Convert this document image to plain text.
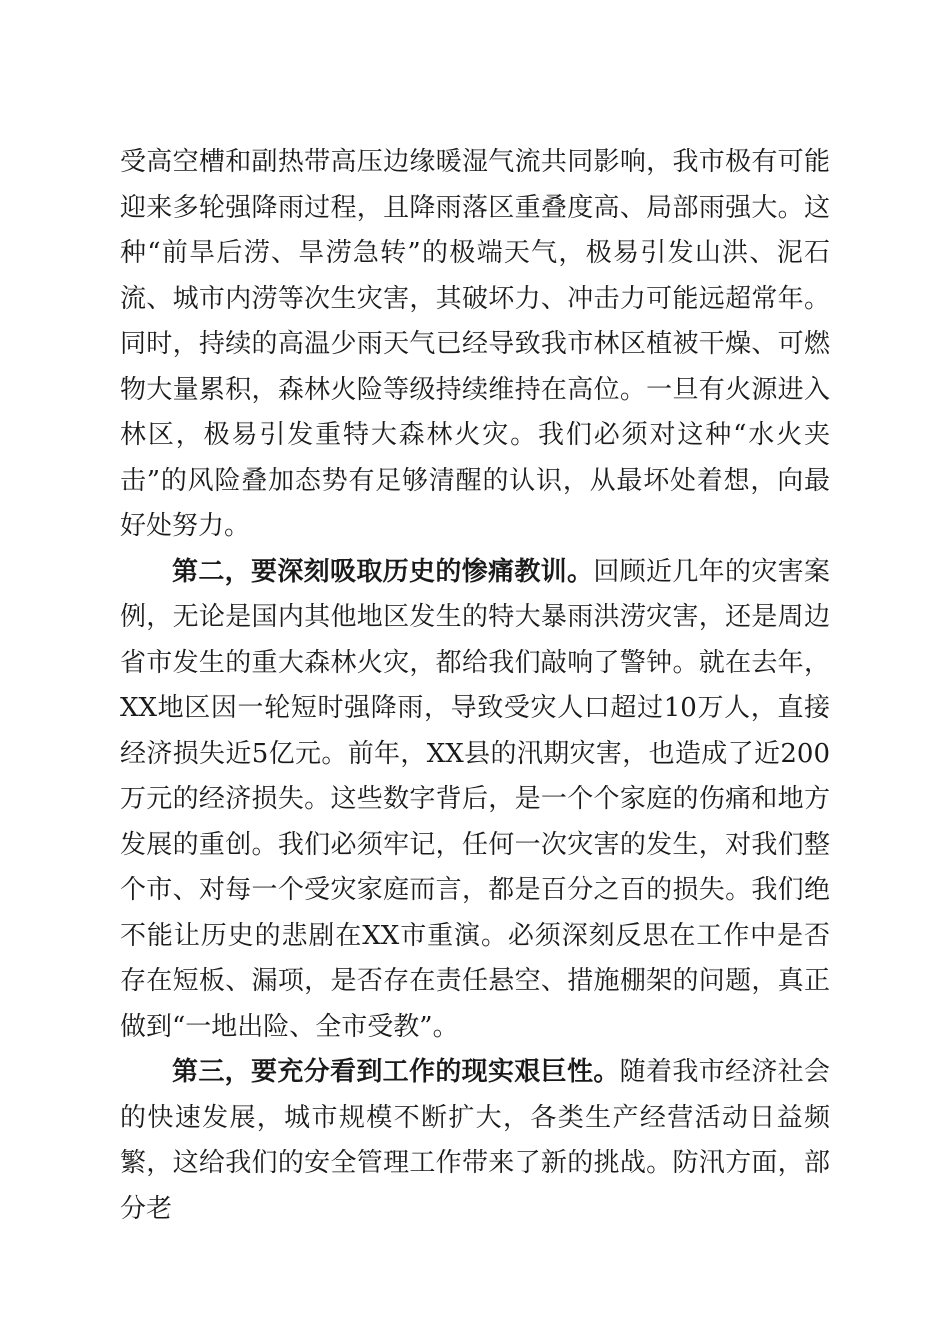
受高空槽和副热带高压边缘暖湿气流共同影响，我市极有可能迎来多轮强降雨过程，且降雨落区重叠度高、局部雨强大。这种“前旱后涝、旱涝急转”的极端天气，极易引发山洪、泥石流、城市内涝等次生灾害，其破坏力、冲击力可能远超常年。同时，持续的高温少雨天气已经导致我市林区植被干燥、可燃物大量累积，森林火险等级持续维持在高位。一旦有火源进入林区，极易引发重特大森林火灾。我们必须对这种“水火夹击”的风险叠加态势有足够清醒的认识，从最坏处着想，向最好处努力。

第二，要深刻吸取历史的惨痛教训。回顾近几年的灾害案例，无论是国内其他地区发生的特大暴雨洪涝灾害，还是周边省市发生的重大森林火灾，都给我们敲响了警钟。就在去年，XX地区因一轮短时强降雨，导致受灾人口超过10万人，直接经济损失近5亿元。前年，XX县的汛期灾害，也造成了近200万元的经济损失。这些数字背后，是一个个家庭的伤痛和地方发展的重创。我们必须牢记，任何一次灾害的发生，对我们整个市、对每一个受灾家庭而言，都是百分之百的损失。我们绝不能让历史的悲剧在XX市重演。必须深刻反思在工作中是否存在短板、漏项，是否存在责任悬空、措施棚架的问题，真正做到“一地出险、全市受教”。

第三，要充分看到工作的现实艰巨性。随着我市经济社会的快速发展，城市规模不断扩大，各类生产经营活动日益频繁，这给我们的安全管理工作带来了新的挑战。防汛方面，部分老
